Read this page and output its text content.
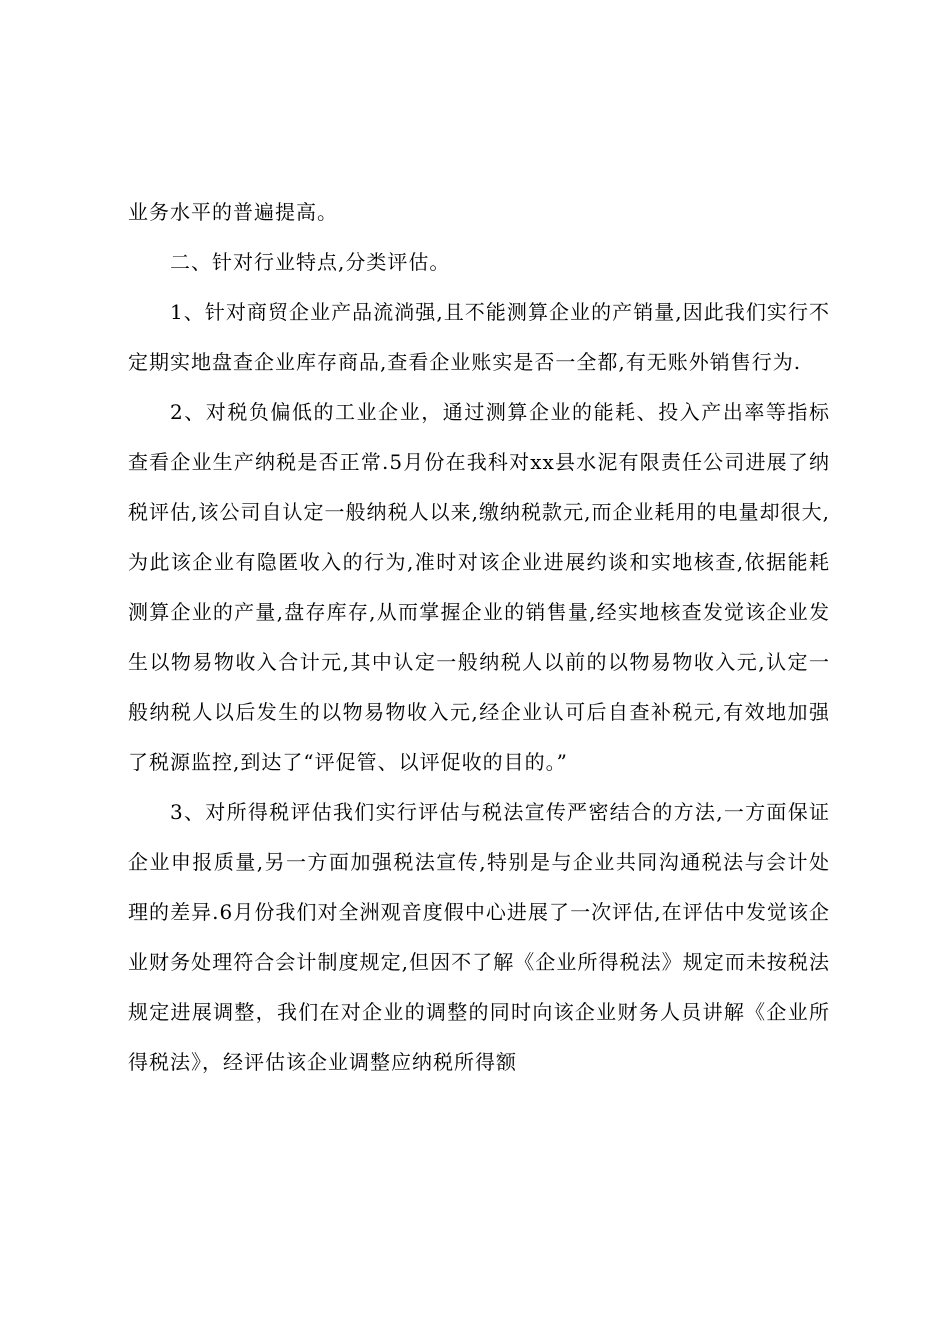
业务水平的普遍提高。

二、针对行业特点,分类评估。

1、针对商贸企业产品流淌强,且不能测算企业的产销量,因此我们实行不定期实地盘查企业库存商品,查看企业账实是否一全都,有无账外销售行为.

2、对税负偏低的工业企业，通过测算企业的能耗、投入产出率等指标查看企业生产纳税是否正常.5月份在我科对xx县水泥有限责任公司进展了纳税评估,该公司自认定一般纳税人以来,缴纳税款元,而企业耗用的电量却很大,为此该企业有隐匿收入的行为,准时对该企业进展约谈和实地核查,依据能耗测算企业的产量,盘存库存,从而掌握企业的销售量,经实地核查发觉该企业发生以物易物收入合计元,其中认定一般纳税人以前的以物易物收入元,认定一般纳税人以后发生的以物易物收入元,经企业认可后自查补税元,有效地加强了税源监控,到达了“评促管、以评促收的目的。”

3、对所得税评估我们实行评估与税法宣传严密结合的方法,一方面保证企业申报质量,另一方面加强税法宣传,特别是与企业共同沟通税法与会计处理的差异.6月份我们对全洲观音度假中心进展了一次评估,在评估中发觉该企业财务处理符合会计制度规定,但因不了解《企业所得税法》规定而未按税法规定进展调整，我们在对企业的调整的同时向该企业财务人员讲解《企业所得税法》，经评估该企业调整应纳税所得额
